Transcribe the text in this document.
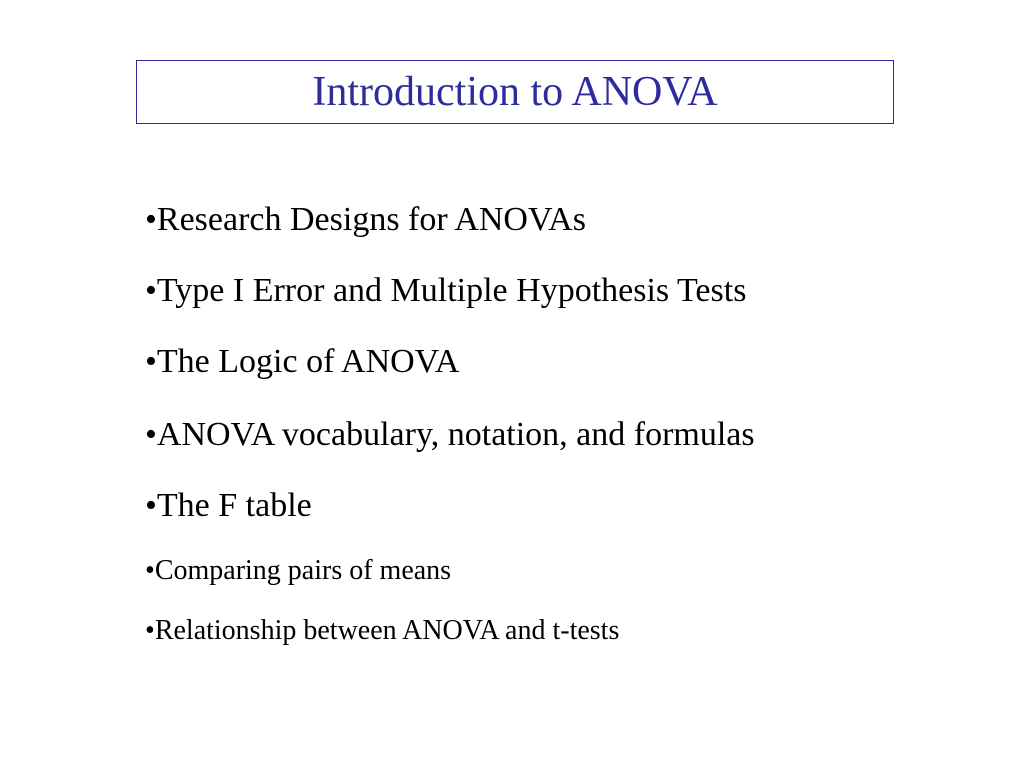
Introduction to ANOVA
•Research Designs for ANOVAs
•Type I Error and Multiple Hypothesis Tests
•The Logic of ANOVA
•ANOVA vocabulary, notation, and formulas
•The F table
•Comparing pairs of means
•Relationship between ANOVA and t-tests
